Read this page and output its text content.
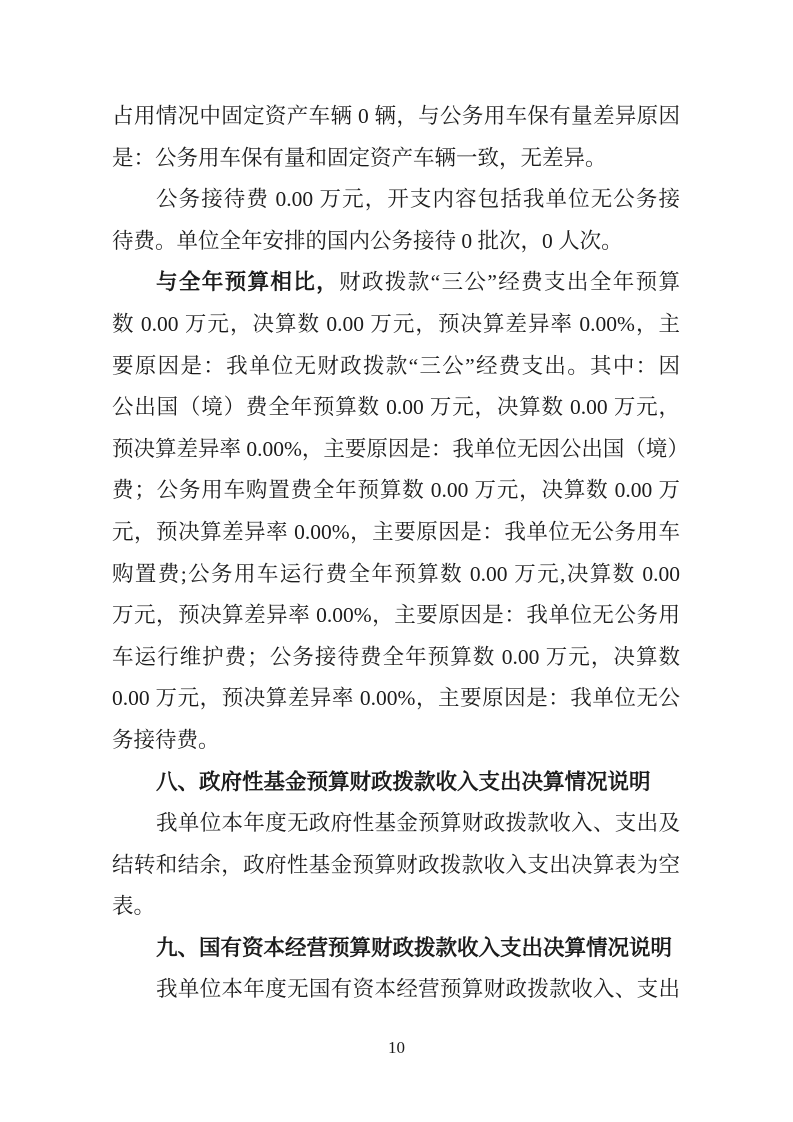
占用情况中固定资产车辆 0 辆，与公务用车保有量差异原因
是：公务用车保有量和固定资产车辆一致，无差异。
公务接待费 0.00 万元，开支内容包括我单位无公务接
待费。单位全年安排的国内公务接待 0 批次，0 人次。
与全年预算相比，财政拨款“三公”经费支出全年预算
数 0.00 万元，决算数 0.00 万元，预决算差异率 0.00%，主
要原因是：我单位无财政拨款“三公”经费支出。其中：因
公出国（境）费全年预算数 0.00 万元，决算数 0.00 万元，
预决算差异率 0.00%，主要原因是：我单位无因公出国（境）
费；公务用车购置费全年预算数 0.00 万元，决算数 0.00 万
元，预决算差异率 0.00%，主要原因是：我单位无公务用车
购置费;公务用车运行费全年预算数 0.00 万元,决算数 0.00
万元，预决算差异率 0.00%，主要原因是：我单位无公务用
车运行维护费；公务接待费全年预算数 0.00 万元，决算数
0.00 万元，预决算差异率 0.00%，主要原因是：我单位无公
务接待费。
八、政府性基金预算财政拨款收入支出决算情况说明
我单位本年度无政府性基金预算财政拨款收入、支出及
结转和结余，政府性基金预算财政拨款收入支出决算表为空
表。
九、国有资本经营预算财政拨款收入支出决算情况说明
我单位本年度无国有资本经营预算财政拨款收入、支出
10
